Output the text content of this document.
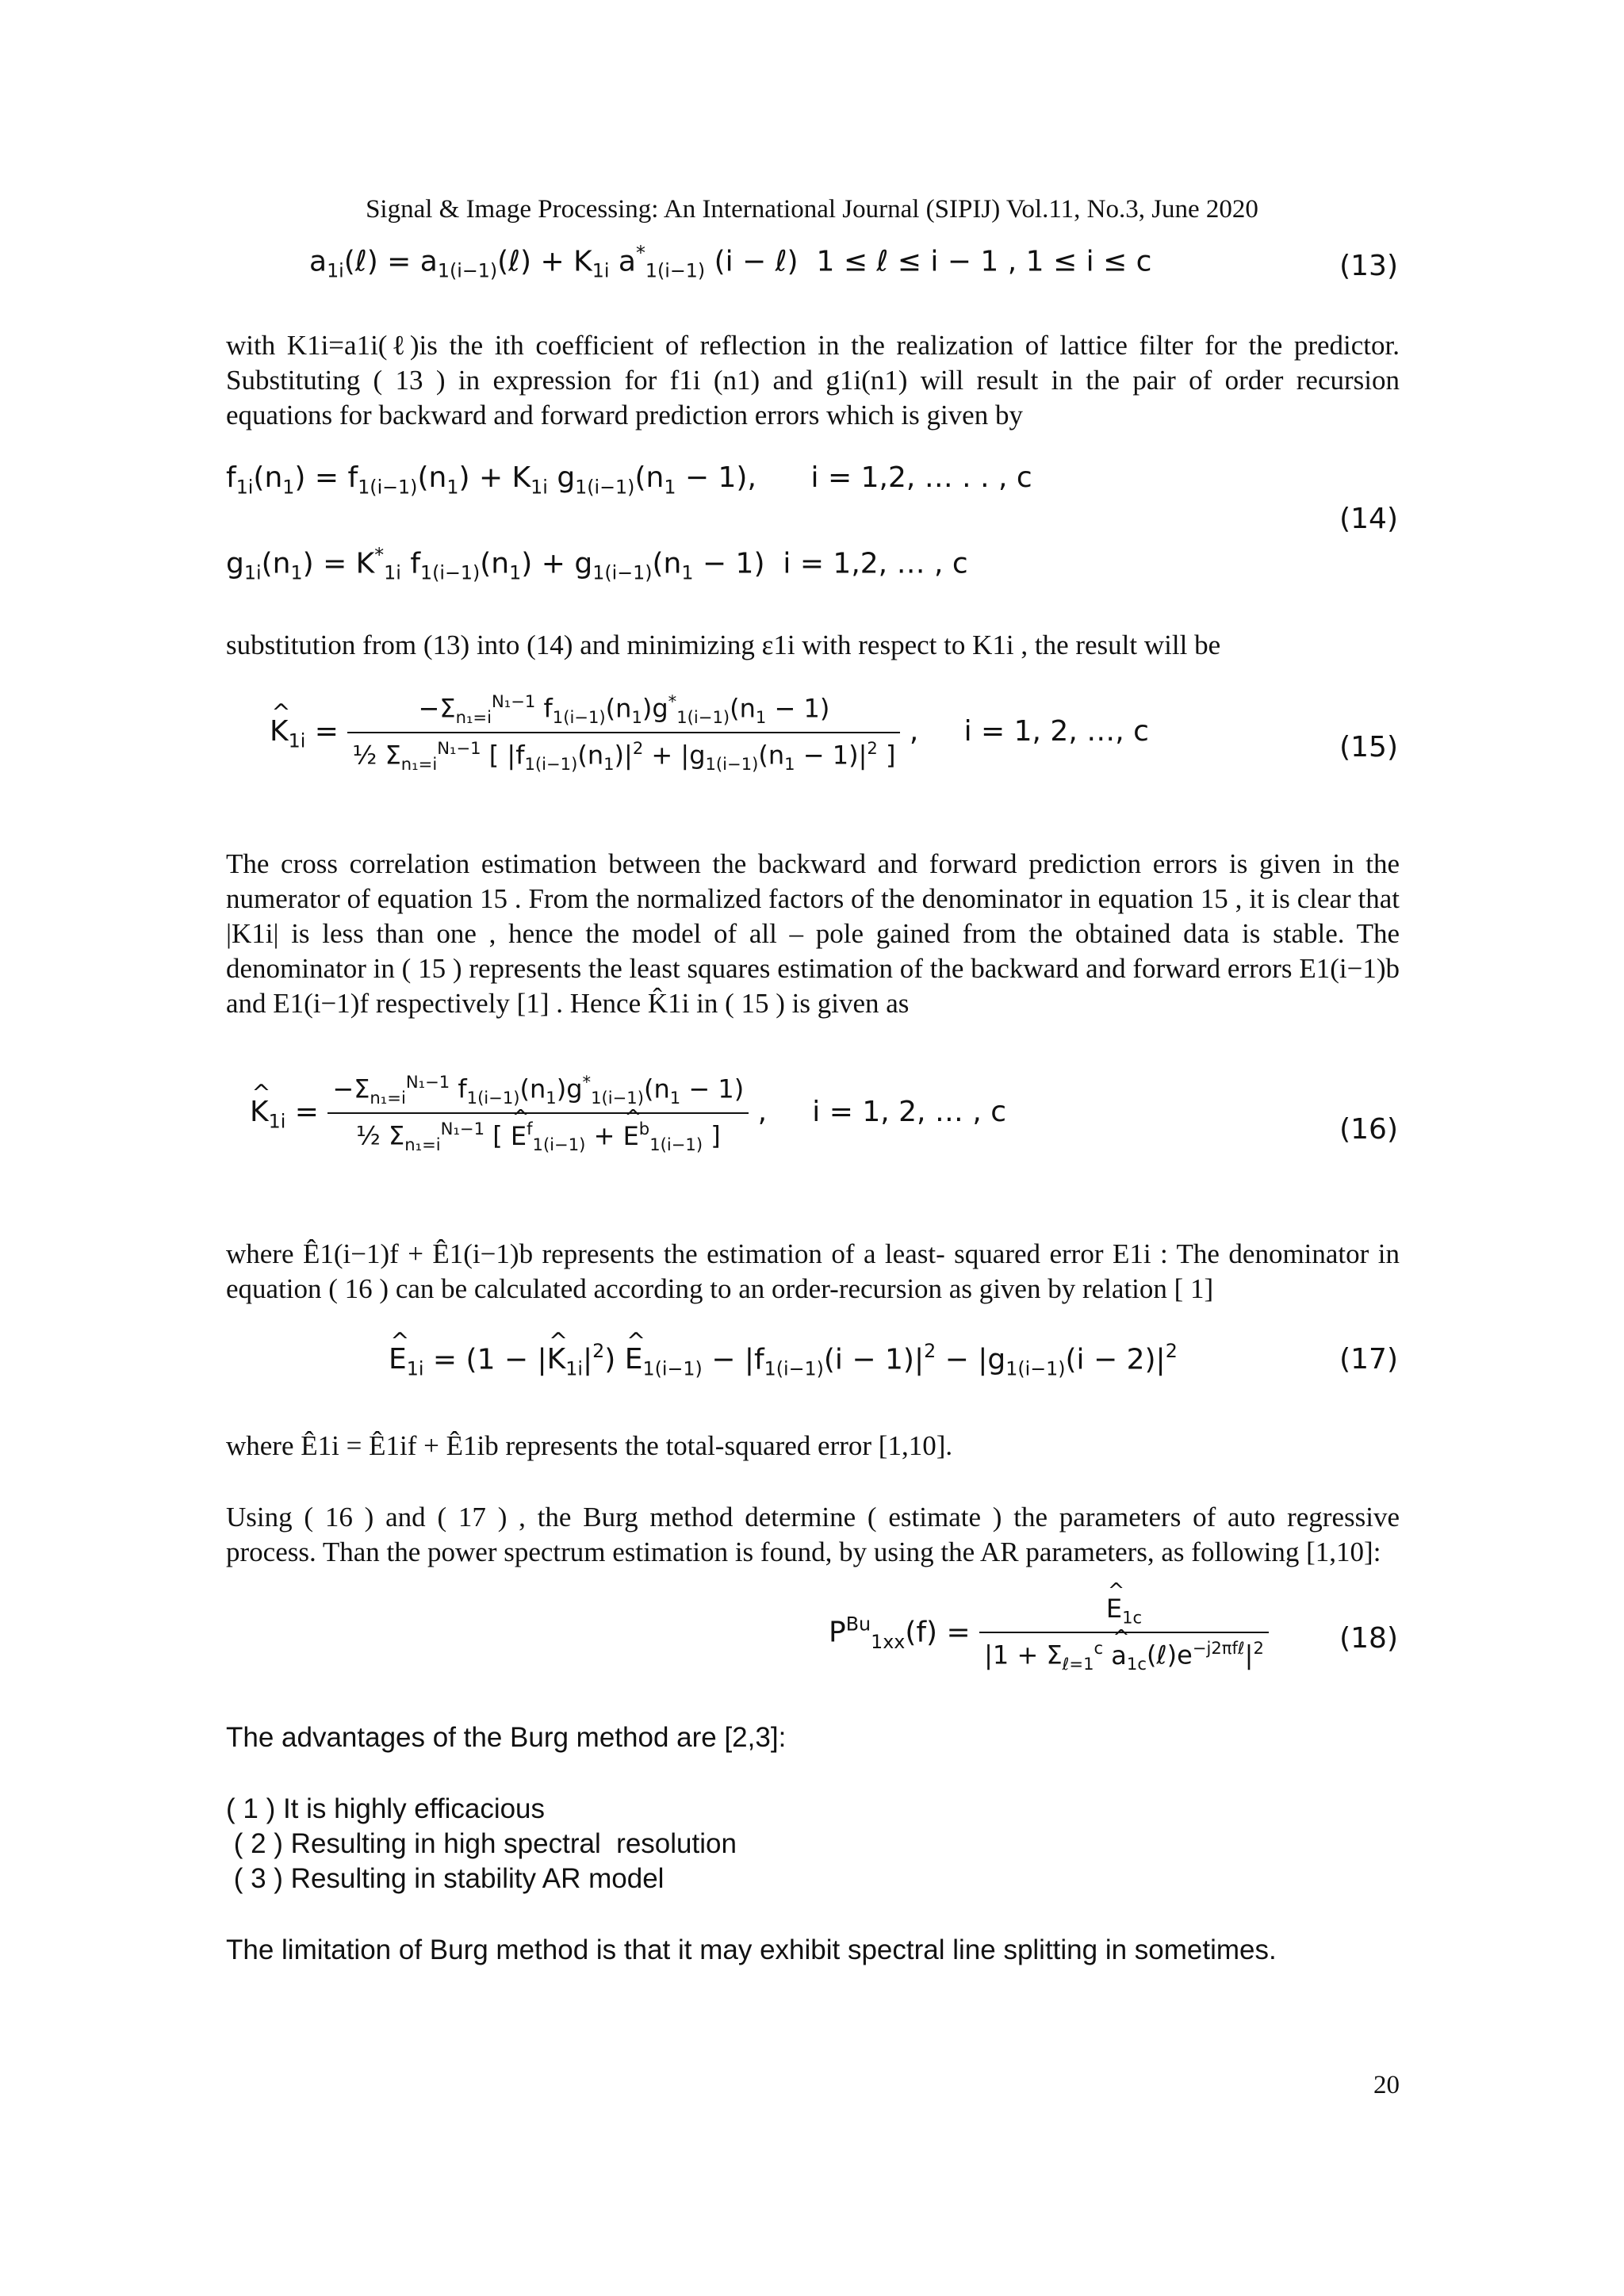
Signal & Image Processing: An International Journal (SIPIJ) Vol.11, No.3, June 2020
$a_{1i}(\ell)$ = $a_{1(i-1)}(\ell) + K_{1i}$ $a^*_{1(i-1)}$ (i − ℓ)  1 ≤ ℓ ≤ i − 1 , 1 ≤ i ≤ c	(13)
with K1i=a1i(ℓ)is the ith coefficient of reflection in the realization of lattice filter for the predictor. Substituting ( 13 ) in expression for f1i (n1) and g1i(n1) will result in the pair of order recursion equations for backward and forward prediction errors which is given by
$f_{1i}(n_1) = f_{1(i-1)}(n_1) + K_{1i}$ $g_{1(i-1)}(n_1 - 1)$,      i = 1,2, … . . , c
$g_{1i}(n_1) = K^*_{1i}$ $f_{1(i-1)}(n_1) + g_{1(i-1)}(n_1 - 1) i = 1,2$, … , c
(14)
substitution from (13) into (14) and minimizing ε1i with respect to K1i , the result will be
^ $K_{1i} = \frac{-\Sigma_{n_1=i}^{N_1-1} f_{1(i-1)}(n_1)g^*_{1(i-1)}(n_1 - 1)}{\frac{1}{2} \Sigma_{n_1=i}^{N_1-1} [ |f_{1(i-1)}(n_1)|^2 + |g_{1(i-1)}(n_1 - 1)|^2 ]}$ ,     i = 1, 2, …, c	(15)
The cross correlation estimation between the backward and forward prediction errors is given in the numerator of equation 15 . From the normalized factors of the denominator in equation 15 , it is clear that |K1i| is less than one , hence the model of all – pole gained from the obtained data is stable. The denominator in ( 15 ) represents the least squares estimation of the backward and forward errors E1(i−1)b and E1(i−1)f respectively [1] . Hence K̂1i in ( 15 ) is given as
^ $K_{1i} = \frac{-\Sigma_{n_1=i}^{N_1-1} f_{1(i-1)}(n_1)g^*_{1(i-1)}(n_1 - 1)}{\frac{1}{2} \Sigma_{n_1=i}^{N_1-1} [ \^{} E^f_{1(i-1)} + \^{} E^b_{1(i-1)} ]}$ ,     i = 1, 2, … , c
(16)
where Ê1(i−1)f + Ê1(i−1)b represents the estimation of a least- squared error E1i : The denominator in equation ( 16 ) can be calculated according to an order-recursion as given by relation [ 1]
^ $E_{1i} = (1$ − |^ $K_{1i}|^2$) ^ $E_{1(i-1)} - |f_{1(i-1)}(i - 1)|^2 - |g_{1(i-1)}(i - 2)|^2$	(17)
where Ê1i = Ê1if + Ê1ib represents the total-squared error [1,10].
Using ( 16 ) and ( 17 ) , the Burg method determine ( estimate ) the parameters of auto regressive process. Than the power spectrum estimation is found, by using the AR parameters, as following [1,10]:
$P^{Bu}_{1xx}(f)$ = ^ $\frac{E_{1c}}{|1 + \Sigma_{\ell=1}^c \^{} a_{1c}(\ell)e^{-j2\pi f\ell}|^2} (18)$
The advantages of the Burg method are [2,3]:
( 1 ) It is highly efficacious
( 2 ) Resulting in high spectral  resolution
( 3 ) Resulting in stability AR model
The limitation of Burg method is that it may exhibit spectral line splitting in sometimes.
20
